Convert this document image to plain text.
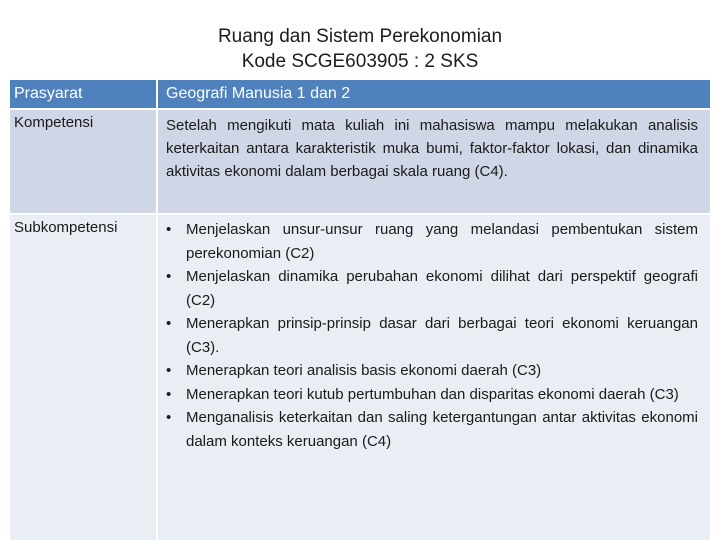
Ruang dan Sistem Perekonomian
Kode SCGE603905 : 2 SKS
Prasyarat	Geografi Manusia 1 dan 2
Kompetensi	Setelah mengikuti mata kuliah ini mahasiswa mampu melakukan analisis keterkaitan antara karakteristik muka bumi, faktor-faktor lokasi, dan dinamika aktivitas ekonomi dalam berbagai skala ruang (C4).
Subkompetensi	• Menjelaskan unsur-unsur ruang yang melandasi pembentukan sistem perekonomian (C2)
• Menjelaskan dinamika perubahan ekonomi dilihat dari perspektif geografi (C2)
• Menerapkan prinsip-prinsip dasar dari berbagai teori ekonomi keruangan (C3).
• Menerapkan teori analisis basis ekonomi daerah (C3)
• Menerapkan teori kutub pertumbuhan dan disparitas ekonomi daerah (C3)
• Menganalisis keterkaitan dan saling ketergantungan antar aktivitas ekonomi dalam konteks keruangan (C4)
